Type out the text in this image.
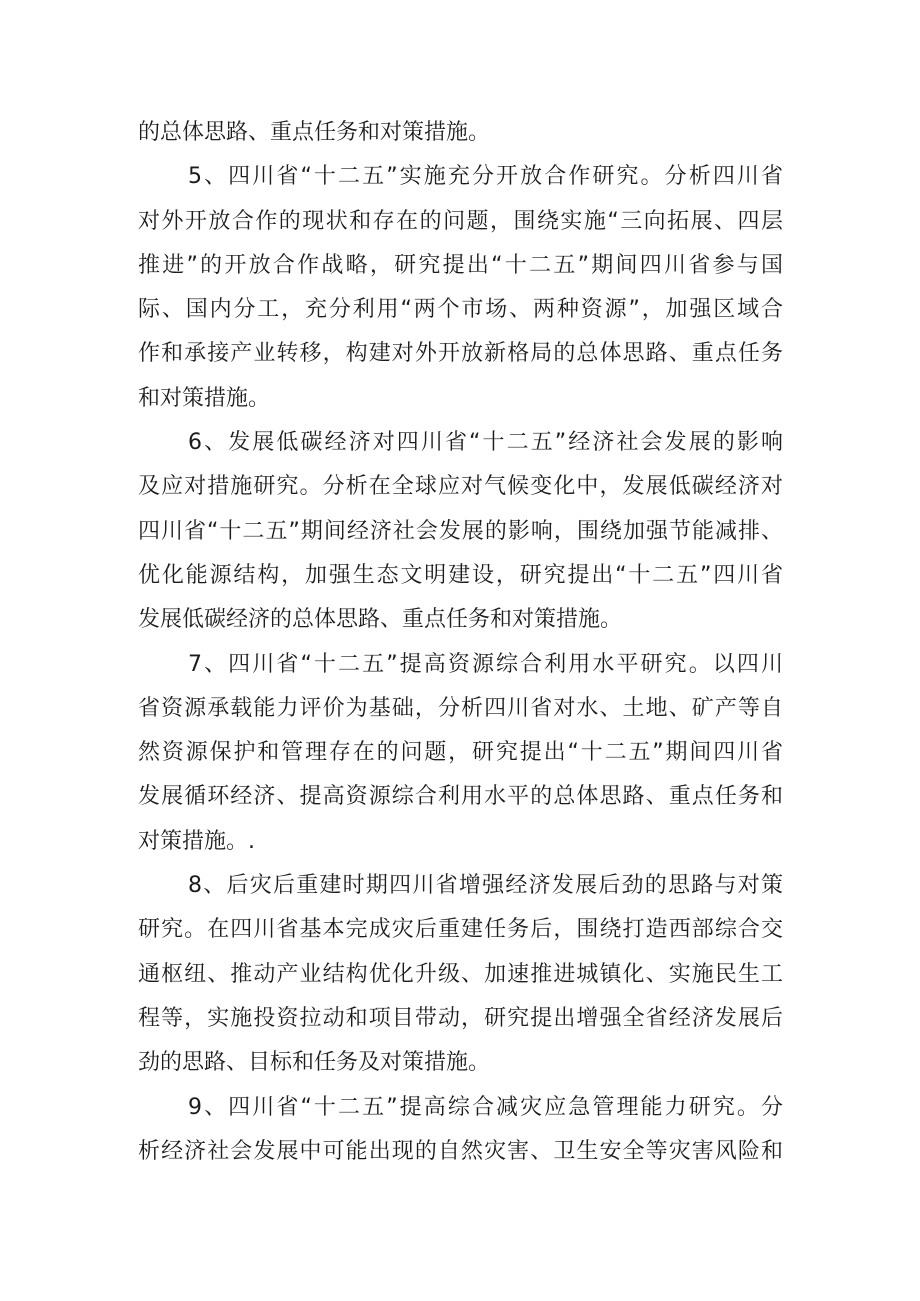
的总体思路、重点任务和对策措施。
5、四川省“十二五”实施充分开放合作研究。分析四川省
对外开放合作的现状和存在的问题，围绕实施“三向拓展、四层
推进”的开放合作战略，研究提出“十二五”期间四川省参与国
际、国内分工，充分利用“两个市场、两种资源”，加强区域合
作和承接产业转移，构建对外开放新格局的总体思路、重点任务
和对策措施。
6、发展低碳经济对四川省“十二五”经济社会发展的影响
及应对措施研究。分析在全球应对气候变化中，发展低碳经济对
四川省“十二五”期间经济社会发展的影响，围绕加强节能减排、
优化能源结构，加强生态文明建设，研究提出“十二五”四川省
发展低碳经济的总体思路、重点任务和对策措施。
7、四川省“十二五”提高资源综合利用水平研究。以四川
省资源承载能力评价为基础，分析四川省对水、土地、矿产等自
然资源保护和管理存在的问题，研究提出“十二五”期间四川省
发展循环经济、提高资源综合利用水平的总体思路、重点任务和
对策措施。.
8、后灾后重建时期四川省增强经济发展后劲的思路与对策
研究。在四川省基本完成灾后重建任务后，围绕打造西部综合交
通枢纽、推动产业结构优化升级、加速推进城镇化、实施民生工
程等，实施投资拉动和项目带动，研究提出增强全省经济发展后
劲的思路、目标和任务及对策措施。
9、四川省“十二五”提高综合减灾应急管理能力研究。分
析经济社会发展中可能出现的自然灾害、卫生安全等灾害风险和
